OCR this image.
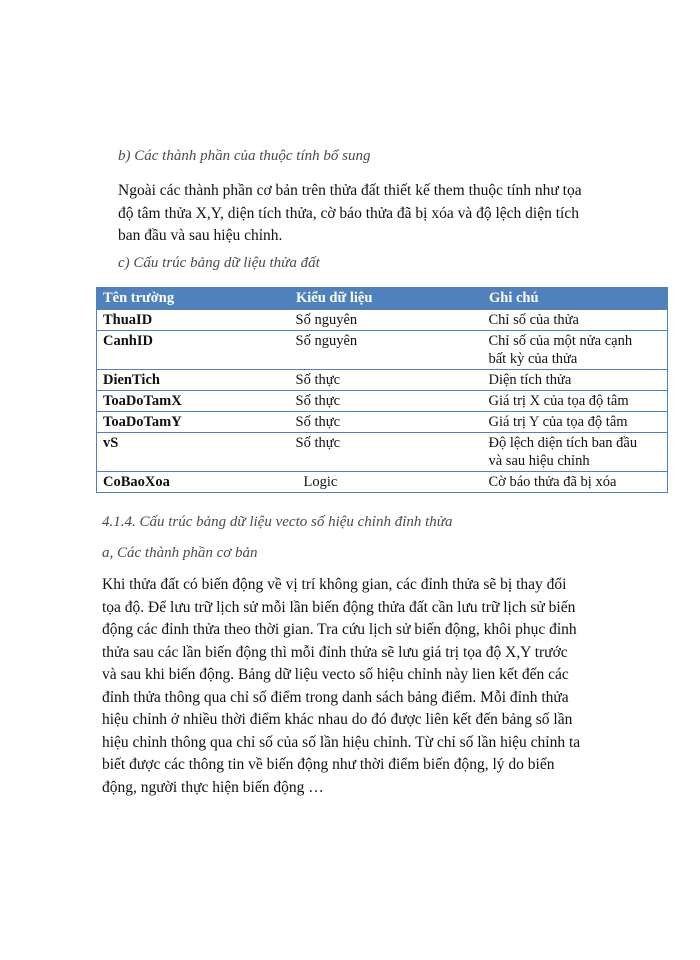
b) Các thành phần của thuộc tính bổ sung
Ngoài các thành phần cơ bản trên thửa đất thiết kế them thuộc tính như tọa
độ tâm thửa X,Y, diện tích thửa, cờ báo thửa đã bị xóa và độ lệch diện tích
ban đầu và sau hiệu chỉnh.
c) Cấu trúc bảng dữ liệu thửa đất
Tên trường	Kiểu dữ liệu	Ghi chú
ThuaID	Số nguyên	Chỉ số của thửa

CanhID	Số nguyên	Chỉ số của một nửa cạnh
bất kỳ của thửa

DienTich	Số thực	Diện tích thửa

ToaDoTamX	Số thực	Giá trị X của tọa độ tâm

ToaDoTamY	Số thực	Giá trị Y của tọa độ tâm

vS	Số thực	Độ lệch diện tích ban đầu
và sau hiệu chỉnh

CoBaoXoa	Logic	Cờ báo thửa đã bị xóa
4.1.4. Cấu trúc bảng dữ liệu vecto số hiệu chỉnh đỉnh thửa
a, Các thành phần cơ bản
Khi thửa đất có biến động về vị trí không gian, các đỉnh thửa sẽ bị thay đổi
tọa độ. Để lưu trữ lịch sử mỗi lần biến động thửa đất cần lưu trữ lịch sử biến
động các đỉnh thửa theo thời gian. Tra cứu lịch sử biến động, khôi phục đỉnh
thửa sau các lần biến động thì mỗi đỉnh thửa sẽ lưu giá trị tọa độ X,Y trước
và sau khi biến động. Bảng dữ liệu vecto số hiệu chỉnh này lien kết đến các
đỉnh thửa thông qua chỉ số điểm trong danh sách bảng điểm. Mỗi đỉnh thửa
hiệu chỉnh ở nhiều thời điểm khác nhau do đó được liên kết đến bảng số lần
hiệu chỉnh thông qua chỉ số của số lần hiệu chỉnh. Từ chỉ số lần hiệu chỉnh ta
biết được các thông tin về biến động như thời điểm biến động, lý do biến
động, người thực hiện biến động …
